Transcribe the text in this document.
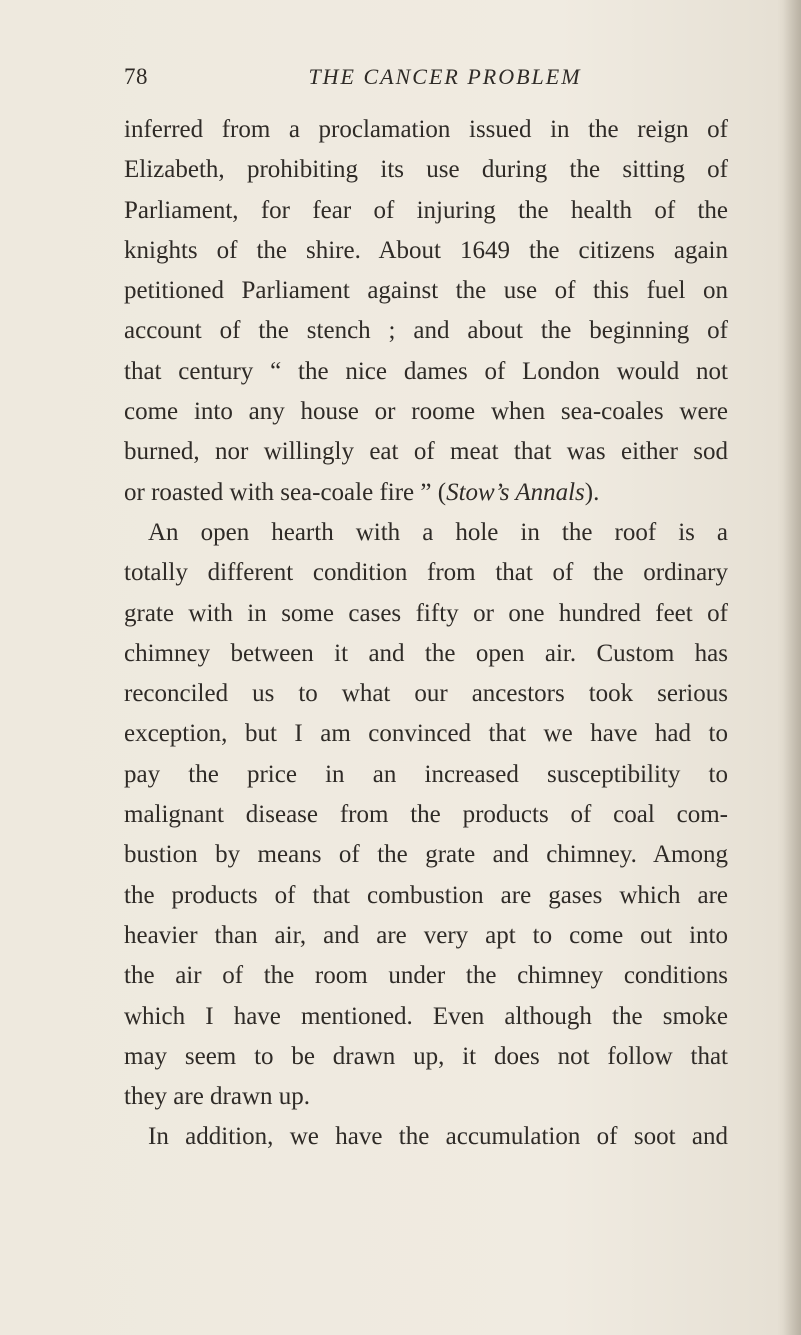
78	THE CANCER PROBLEM
inferred from a proclamation issued in the reign of
Elizabeth, prohibiting its use during the sitting of
Parliament, for fear of injuring the health of the
knights of the shire. About 1649 the citizens again
petitioned Parliament against the use of this fuel on
account of the stench ; and about the beginning of
that century “ the nice dames of London would not
come into any house or roome when sea-coales were
burned, nor willingly eat of meat that was either sod
or roasted with sea-coale fire ” (Stow’s Annals).
An open hearth with a hole in the roof is a
totally different condition from that of the ordinary
grate with in some cases fifty or one hundred feet of
chimney between it and the open air. Custom has
reconciled us to what our ancestors took serious
exception, but I am convinced that we have had to
pay the price in an increased susceptibility to
malignant disease from the products of coal com-
bustion by means of the grate and chimney. Among
the products of that combustion are gases which are
heavier than air, and are very apt to come out into
the air of the room under the chimney conditions
which I have mentioned. Even although the smoke
may seem to be drawn up, it does not follow that
they are drawn up.
In addition, we have the accumulation of soot and
